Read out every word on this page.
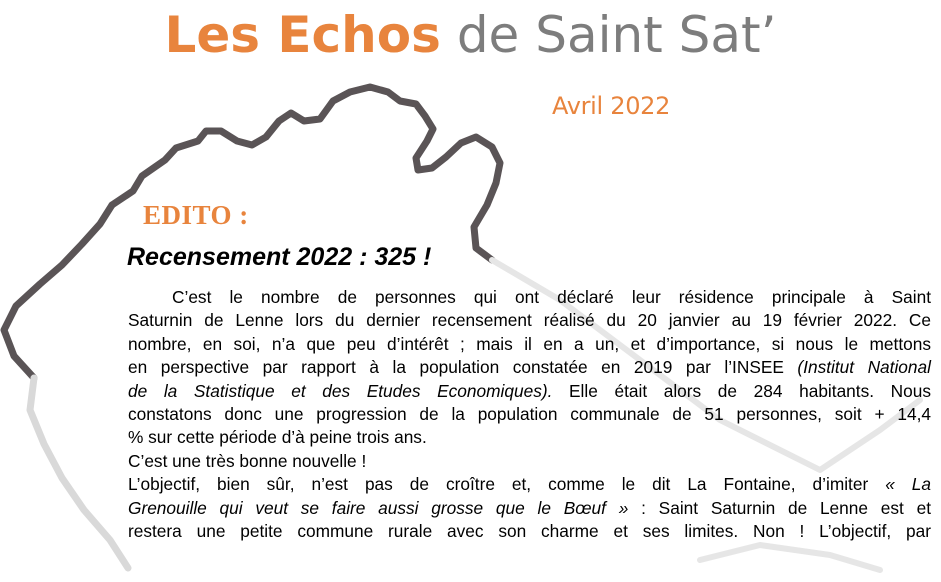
Les Echos de Saint Sat’
Avril 2022
EDITO :
Recensement 2022 : 325 !

C’est le nombre de personnes qui ont déclaré leur résidence principale à Saint

Saturnin de Lenne lors du dernier recensement réalisé du 20 janvier au 19 février 2022. Ce

nombre, en soi, n’a que peu d’intérêt ; mais il en a un, et d’importance, si nous le mettons

en perspective par rapport à la population constatée en 2019 par l’INSEE (Institut National

de la Statistique et des Etudes Economiques). Elle était alors de 284 habitants. Nous

constatons donc une progression de la population communale de 51 personnes, soit + 14,4

% sur cette période d’à peine trois ans.

C’est une très bonne nouvelle !

L’objectif, bien sûr, n’est pas de croître et, comme le dit La Fontaine, d’imiter « La

Grenouille qui veut se faire aussi grosse que le Bœuf » : Saint Saturnin de Lenne est et

restera une petite commune rurale avec son charme et ses limites. Non ! L’objectif, par
